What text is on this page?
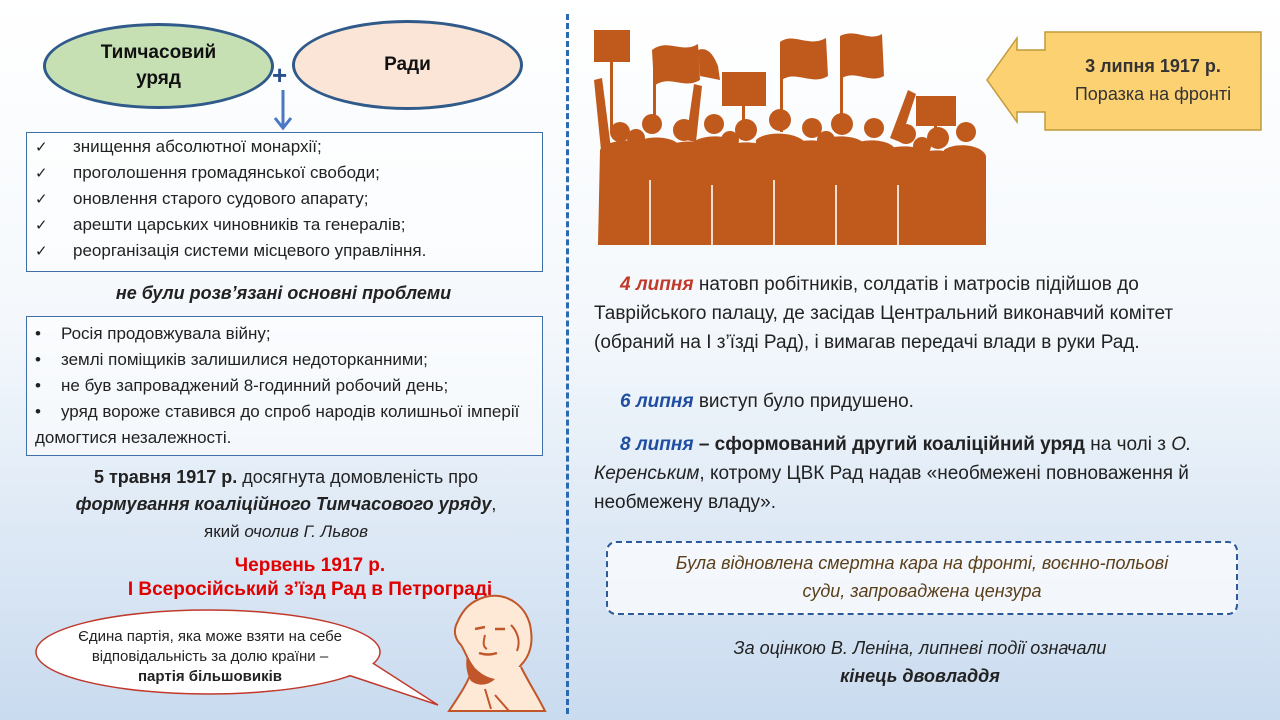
Тимчасовий
уряд
Ради
+
✓	знищення абсолютної монархії;
✓	проголошення громадянської свободи;
✓	оновлення старого судового апарату;
✓	арешти царських чиновників та генералів;
✓	реорганізація системи місцевого управління.
не були розв’язані основні проблеми
• Росія продовжувала війну;
• землі поміщиків залишилися недоторканними;
• не був запроваджений 8-годинний робочий день;
• уряд вороже ставився до спроб народів колишньої імперії домогтися незалежності.
5 травня 1917 р. досягнута домовленість про
формування коаліційного Тимчасового уряду,
який очолив Г. Львов
Червень 1917 р.
І Всеросійський з’їзд Рад в Петрограді
Єдина партія, яка може взяти на себе
відповідальність за долю країни –
партія більшовиків
3 липня 1917 р.
Поразка на фронті
4 липня натовп робітників, солдатів і матросів підійшов до Таврійського палацу, де засідав Центральний виконавчий комітет (обраний на І з’їзді Рад), і вимагав передачі влади в руки Рад.
6 липня виступ було придушено.
8 липня – сформований другий коаліційний уряд на чолі з О. Керенським, котрому ЦВК Рад надав «необмежені повноваження й необмежену владу».
Була відновлена смертна кара на фронті, воєнно-польові
суди, запроваджена цензура
За оцінкою В. Леніна, липневі події означали
кінець двовладдя
